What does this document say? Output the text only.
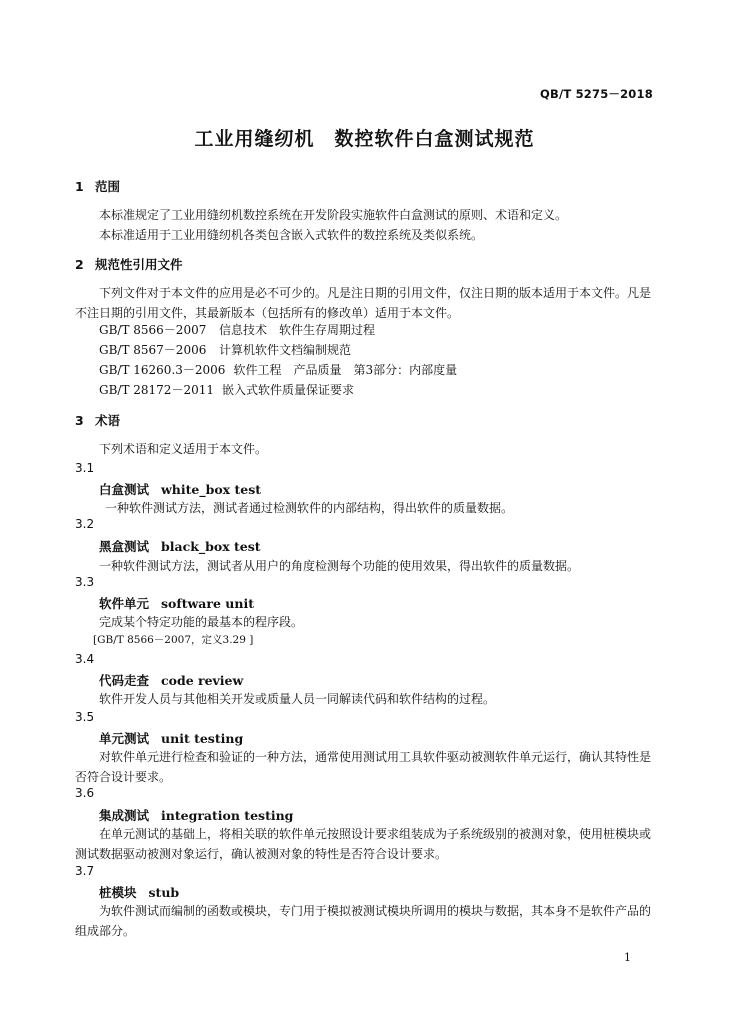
QB/T 5275－2018
工业用缝纫机　数控软件白盒测试规范
1 范围
本标准规定了工业用缝纫机数控系统在开发阶段实施软件白盒测试的原则、术语和定义。
本标准适用于工业用缝纫机各类包含嵌入式软件的数控系统及类似系统。
2 规范性引用文件
下列文件对于本文件的应用是必不可少的。凡是注日期的引用文件，仅注日期的版本适用于本文件。凡是不注日期的引用文件，其最新版本（包括所有的修改单）适用于本文件。
GB/T 8566－2007 信息技术　软件生存周期过程
GB/T 8567－2006 计算机软件文档编制规范
GB/T 16260.3－2006 软件工程　产品质量　第3部分：内部度量
GB/T 28172－2011 嵌入式软件质量保证要求
3 术语
下列术语和定义适用于本文件。
3.1
白盒测试 white_box test
一种软件测试方法，测试者通过检测软件的内部结构，得出软件的质量数据。
3.2
黑盒测试 black_box test
一种软件测试方法，测试者从用户的角度检测每个功能的使用效果，得出软件的质量数据。
3.3
软件单元 software unit
完成某个特定功能的最基本的程序段。
[GB/T 8566－2007，定义3.29 ]
3.4
代码走查 code review
软件开发人员与其他相关开发或质量人员一同解读代码和软件结构的过程。
3.5
单元测试 unit testing
对软件单元进行检查和验证的一种方法，通常使用测试用工具软件驱动被测软件单元运行，确认其特性是否符合设计要求。
3.6
集成测试 integration testing
在单元测试的基础上，将相关联的软件单元按照设计要求组装成为子系统级别的被测对象，使用桩模块或测试数据驱动被测对象运行，确认被测对象的特性是否符合设计要求。
3.7
桩模块 stub
为软件测试而编制的函数或模块，专门用于模拟被测试模块所调用的模块与数据，其本身不是软件产品的组成部分。
1
